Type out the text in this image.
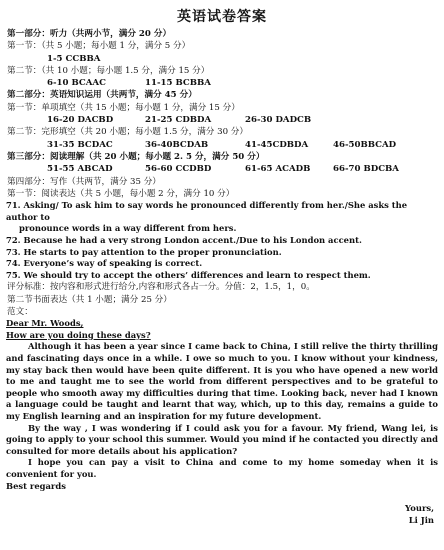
英语试卷答案
第一部分：听力（共两小节，满分 20 分）
第一节：（共 5 小题；每小题 1 分，满分 5 分）
1-5 CCBBA
第二节：（共 10 小题；每小题 1.5 分，满分 15 分）
6-10 BCAAC	11-15 BCBBA
第二部分：英语知识运用（共两节，满分 45 分）
第一节：单项填空（共 15 小题；每小题 1 分，满分 15 分）
16-20 DACBD	21-25 CDBDA	26-30 DADCB
第二节：完形填空（共 20 小题；每小题 1.5 分，满分 30 分）
31-35 BCDAC	36-40BCDAB	41-45CDBDA	46-50BBCAD
第三部分：阅读理解（共 20 小题；每小题 2. 5 分，满分 50 分）
51-55 ABCAD	56-60 CCDBD	61-65 ACADB	66-70 BDCBA
第四部分：写作（共两节，满分 35 分）
第一节：阅读表达（共 5 小题，每小题 2 分，满分 10 分）
71. Asking/ To ask him to say words he pronounced differently from her./She asks the author to
pronounce words in a way different from hers.
72. Because he had a very strong London accent./Due to his London accent.
73. He starts to pay attention to the proper pronunciation.
74. Everyone’s way of speaking is correct.
75. We should try to accept the others’ differences and learn to respect them.
评分标准：按内容和形式进行给分,内容和形式各占一分。分值：2，1.5，1，0。
第二节书面表达（共 1 小题；满分 25 分）
范文：
Dear Mr. Woods,
How are you doing these days?
Although it has been a year since I came back to China, I still relive the thirty thrilling and fascinating days once in a while. I owe so much to you. I know without your kindness, my stay back then would have been quite different. It is you who have opened a new world to me and taught me to see the world from different perspectives and to be grateful to people who smooth away my difficulties during that time. Looking back, never had I known a language could be taught and learnt that way, which, up to this day, remains a guide to my English learning and an inspiration for my future development.
By the way , I was wondering if I could ask you for a favour. My friend, Wang lei, is going to apply to your school this summer. Would you mind if he contacted you directly and consulted for more details about his application?
I hope you can pay a visit to China and come to my home someday when it is convenient for you.
Best regards
Yours,
Li Jin
